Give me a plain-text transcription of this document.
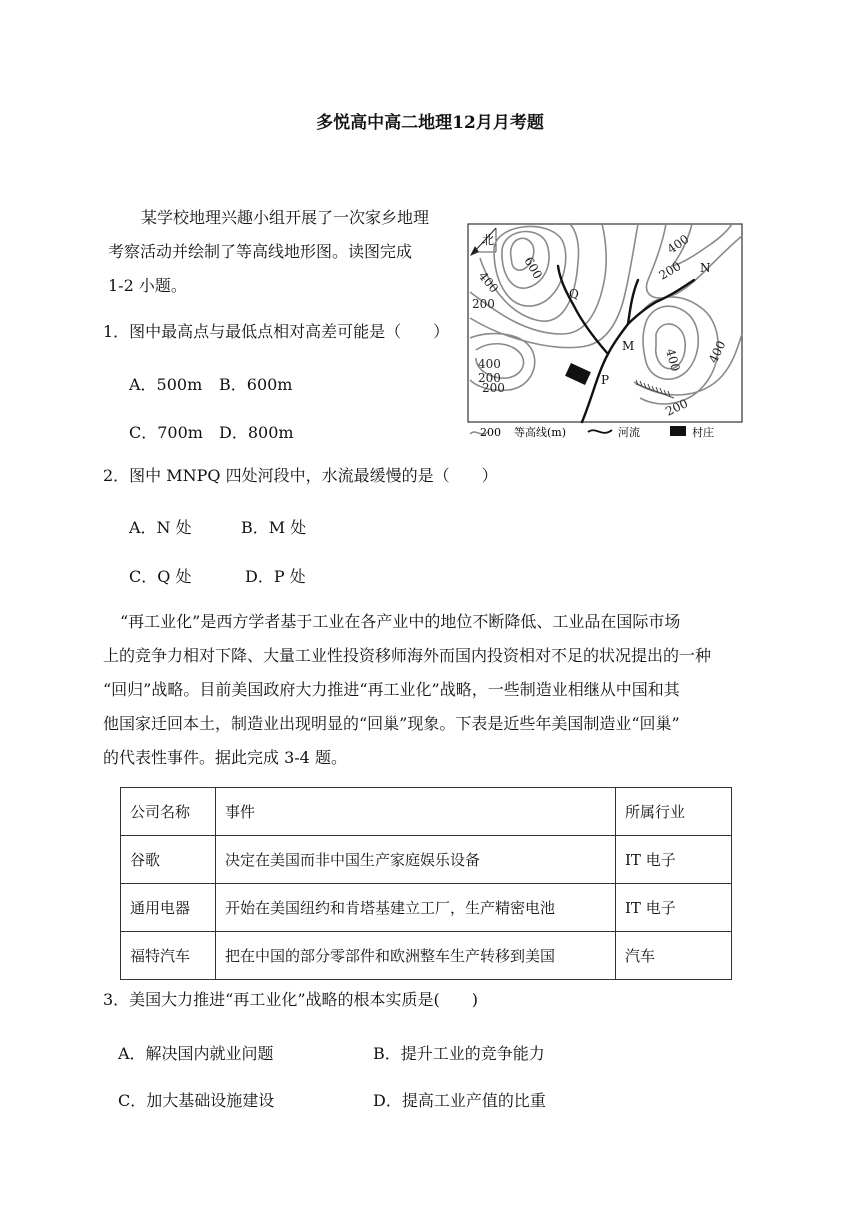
多悦高中高二地理12月月考题
某学校地理兴趣小组开展了一次家乡地理
考察活动并绘制了等高线地形图。读图完成
1-2 小题。
1．图中最高点与最低点相对高差可能是（　　）
A．500m B．600m
C．700m D．800m
2．图中 MNPQ 四处河段中，水流最缓慢的是（　　）
A．N 处	B．M 处
C．Q 处	D．P 处
“再工业化”是西方学者基于工业在各产业中的地位不断降低、工业品在国际市场
上的竞争力相对下降、大量工业性投资移师海外而国内投资相对不足的状况提出的一种
“回归”战略。目前美国政府大力推进“再工业化”战略，一些制造业相继从中国和其
他国家迁回本土，制造业出现明显的“回巢”现象。下表是近些年美国制造业“回巢”
的代表性事件。据此完成 3-4 题。
公司名称	事件	所属行业
谷歌	决定在美国而非中国生产家庭娱乐设备	IT 电子
通用电器	开始在美国纽约和肯塔基建立工厂，生产精密电池	IT 电子
福特汽车	把在中国的部分零部件和欧洲整车生产转移到美国	汽车
3．美国大力推进“再工业化”战略的根本实质是(　　)
A．解决国内就业问题	B．提升工业的竞争能力
C．加大基础设施建设	D．提高工业产值的比重
北
600
400
200
400
200
400
200
400
200
400
200
Q
N
M
P
200 等高线(m)	河流	村庄
